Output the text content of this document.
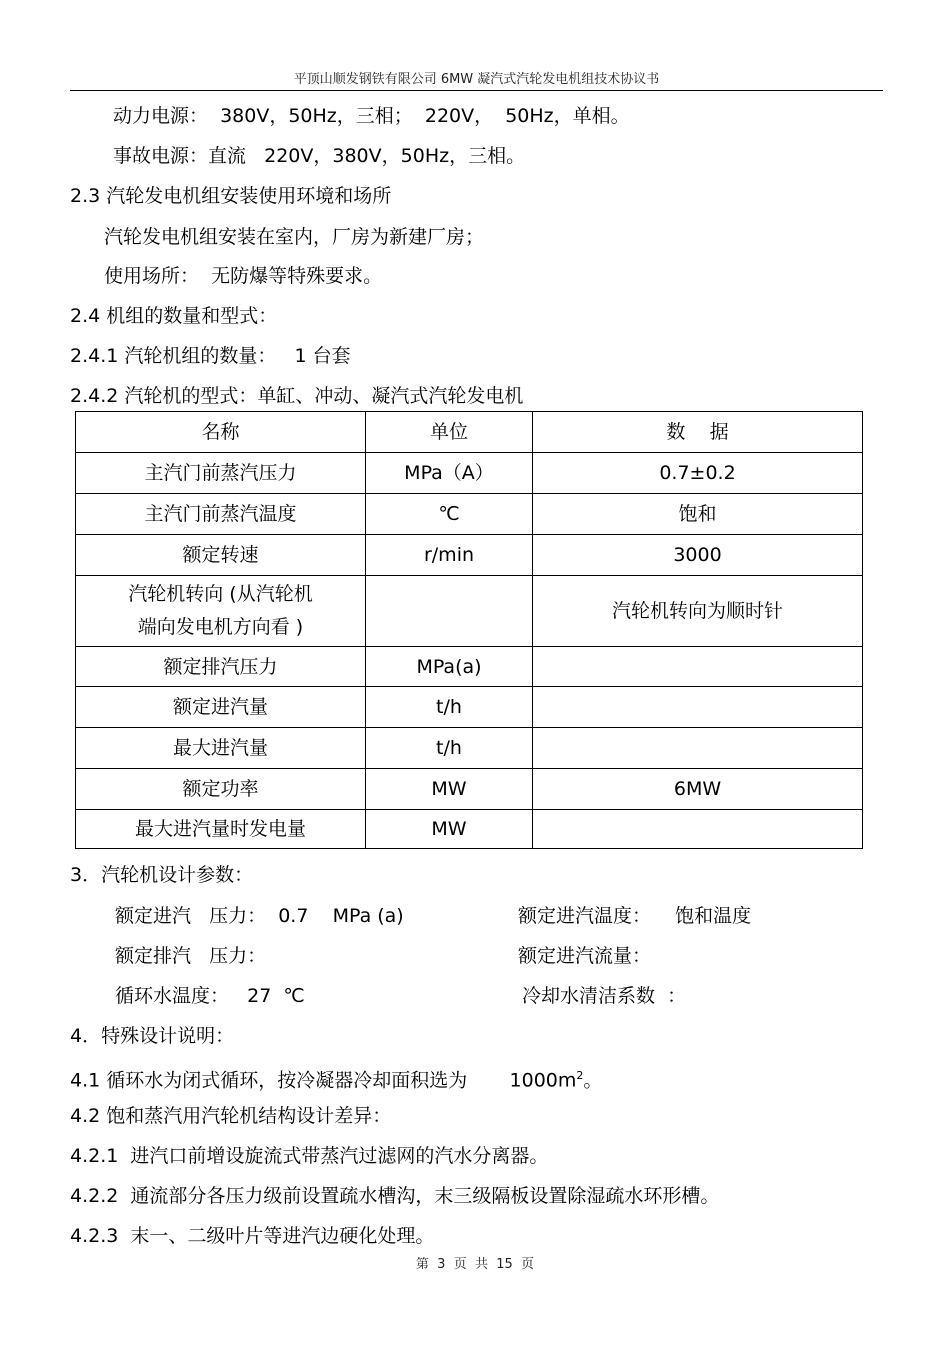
平顶山顺发钢铁有限公司 6MW 凝汽式汽轮发电机组技术协议书
动力电源：  380V，50Hz，三相；  220V，  50Hz，单相。
事故电源：直流   220V，380V，50Hz，三相。
2.3 汽轮发电机组安装使用环境和场所
汽轮发电机组安装在室内，厂房为新建厂房；
使用场所：  无防爆等特殊要求。
2.4 机组的数量和型式：
2.4.1 汽轮机组的数量：   1 台套
2.4.2 汽轮机的型式：单缸、冲动、凝汽式汽轮发电机
名称	单位	数    据
主汽门前蒸汽压力	MPa（A）	0.7±0.2
主汽门前蒸汽温度	℃	饱和
额定转速	r/min	3000
汽轮机转向 (从汽轮机
端向发电机方向看 )		汽轮机转向为顺时针
额定排汽压力	MPa(a)	
额定进汽量	t/h	
最大进汽量	t/h	
额定功率	MW	6MW
最大进汽量时发电量	MW	
3．汽轮机设计参数：
额定进汽   压力：  0.7    MPa (a)	额定进汽温度：    饱和温度
额定排汽   压力：	额定进汽流量：
循环水温度：   27  ℃	冷却水清洁系数  ：
4．特殊设计说明：
4.1 循环水为闭式循环，按冷凝器冷却面积选为       $1000m^2$。
4.2 饱和蒸汽用汽轮机结构设计差异：
4.2.1  进汽口前增设旋流式带蒸汽过滤网的汽水分离器。
4.2.2  通流部分各压力级前设置疏水槽沟，末三级隔板设置除湿疏水环形槽。
4.2.3  末一、二级叶片等进汽边硬化处理。
第  3  页  共  15  页
